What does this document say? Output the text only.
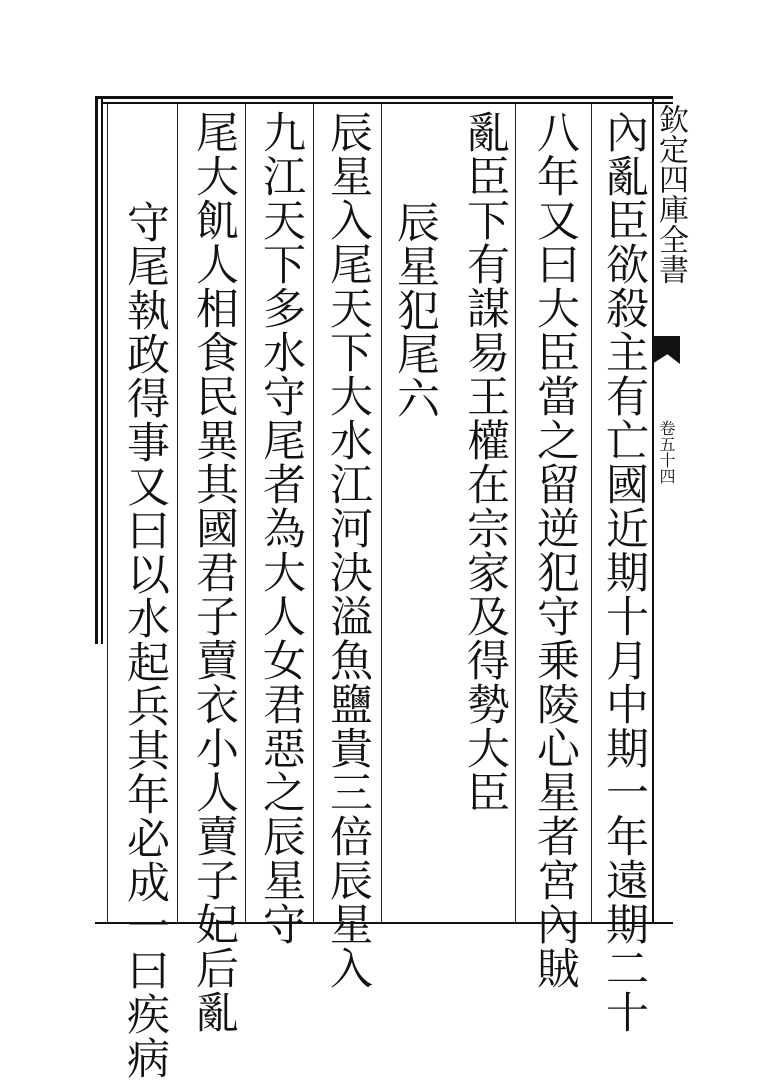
內亂臣欲殺主有亡國近期十月中期一年遠期二十
八年又曰大臣當之留逆犯守乗陵心星者宮內賊
亂臣下有謀易王權在宗家及得勢大臣
辰星犯尾六
辰星入尾天下大水江河決溢魚鹽貴三倍辰星入
九江天下多水守尾者為大人女君惡之辰星守
尾大飢人相食民異其國君子賣衣小人賣子妃后亂
守尾執政得事又曰以水起兵其年必成一曰疾病
欽定四庫全書
卷五十四
